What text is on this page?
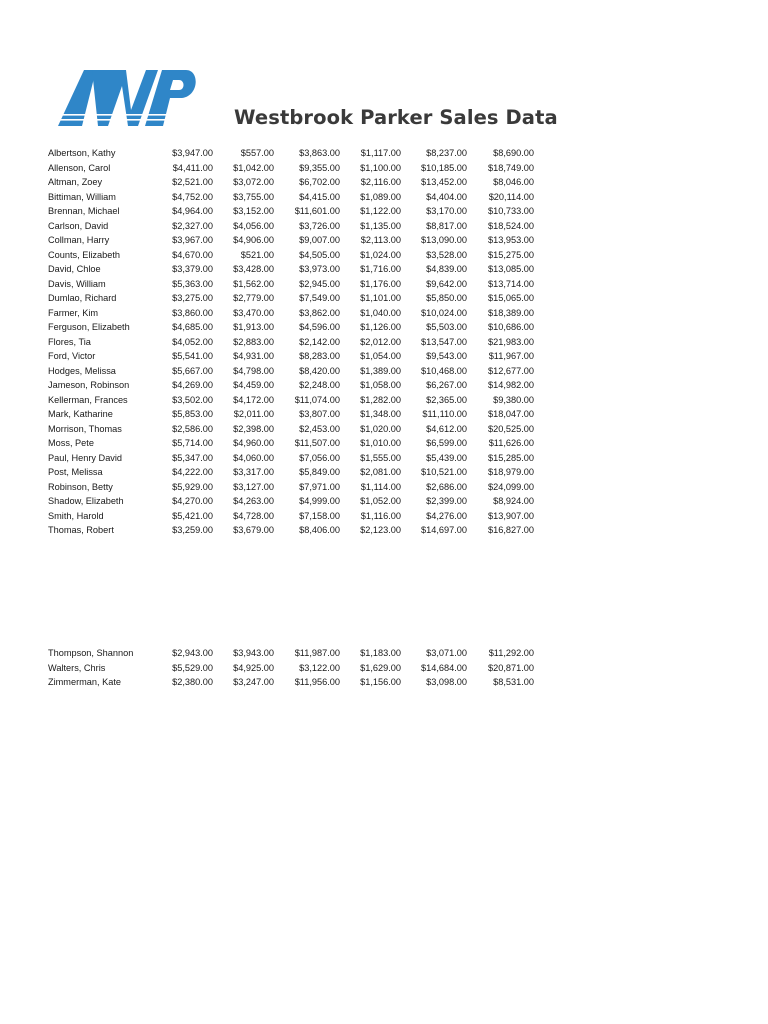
Westbrook Parker Sales Data
Albertson, Kathy	$3,947.00	$557.00	$3,863.00	$1,117.00	$8,237.00	$8,690.00
Allenson, Carol	$4,411.00	$1,042.00	$9,355.00	$1,100.00	$10,185.00	$18,749.00
Altman, Zoey	$2,521.00	$3,072.00	$6,702.00	$2,116.00	$13,452.00	$8,046.00
Bittiman, William	$4,752.00	$3,755.00	$4,415.00	$1,089.00	$4,404.00	$20,114.00
Brennan, Michael	$4,964.00	$3,152.00	$11,601.00	$1,122.00	$3,170.00	$10,733.00
Carlson, David	$2,327.00	$4,056.00	$3,726.00	$1,135.00	$8,817.00	$18,524.00
Collman, Harry	$3,967.00	$4,906.00	$9,007.00	$2,113.00	$13,090.00	$13,953.00
Counts, Elizabeth	$4,670.00	$521.00	$4,505.00	$1,024.00	$3,528.00	$15,275.00
David, Chloe	$3,379.00	$3,428.00	$3,973.00	$1,716.00	$4,839.00	$13,085.00
Davis, William	$5,363.00	$1,562.00	$2,945.00	$1,176.00	$9,642.00	$13,714.00
Dumlao, Richard	$3,275.00	$2,779.00	$7,549.00	$1,101.00	$5,850.00	$15,065.00
Farmer, Kim	$3,860.00	$3,470.00	$3,862.00	$1,040.00	$10,024.00	$18,389.00
Ferguson, Elizabeth	$4,685.00	$1,913.00	$4,596.00	$1,126.00	$5,503.00	$10,686.00
Flores, Tia	$4,052.00	$2,883.00	$2,142.00	$2,012.00	$13,547.00	$21,983.00
Ford, Victor	$5,541.00	$4,931.00	$8,283.00	$1,054.00	$9,543.00	$11,967.00
Hodges, Melissa	$5,667.00	$4,798.00	$8,420.00	$1,389.00	$10,468.00	$12,677.00
Jameson, Robinson	$4,269.00	$4,459.00	$2,248.00	$1,058.00	$6,267.00	$14,982.00
Kellerman, Frances	$3,502.00	$4,172.00	$11,074.00	$1,282.00	$2,365.00	$9,380.00
Mark, Katharine	$5,853.00	$2,011.00	$3,807.00	$1,348.00	$11,110.00	$18,047.00
Morrison, Thomas	$2,586.00	$2,398.00	$2,453.00	$1,020.00	$4,612.00	$20,525.00
Moss, Pete	$5,714.00	$4,960.00	$11,507.00	$1,010.00	$6,599.00	$11,626.00
Paul, Henry David	$5,347.00	$4,060.00	$7,056.00	$1,555.00	$5,439.00	$15,285.00
Post, Melissa	$4,222.00	$3,317.00	$5,849.00	$2,081.00	$10,521.00	$18,979.00
Robinson, Betty	$5,929.00	$3,127.00	$7,971.00	$1,114.00	$2,686.00	$24,099.00
Shadow, Elizabeth	$4,270.00	$4,263.00	$4,999.00	$1,052.00	$2,399.00	$8,924.00
Smith, Harold	$5,421.00	$4,728.00	$7,158.00	$1,116.00	$4,276.00	$13,907.00
Thomas, Robert	$3,259.00	$3,679.00	$8,406.00	$2,123.00	$14,697.00	$16,827.00
Thompson, Shannon	$2,943.00	$3,943.00	$11,987.00	$1,183.00	$3,071.00	$11,292.00
Walters, Chris	$5,529.00	$4,925.00	$3,122.00	$1,629.00	$14,684.00	$20,871.00
Zimmerman, Kate	$2,380.00	$3,247.00	$11,956.00	$1,156.00	$3,098.00	$8,531.00
